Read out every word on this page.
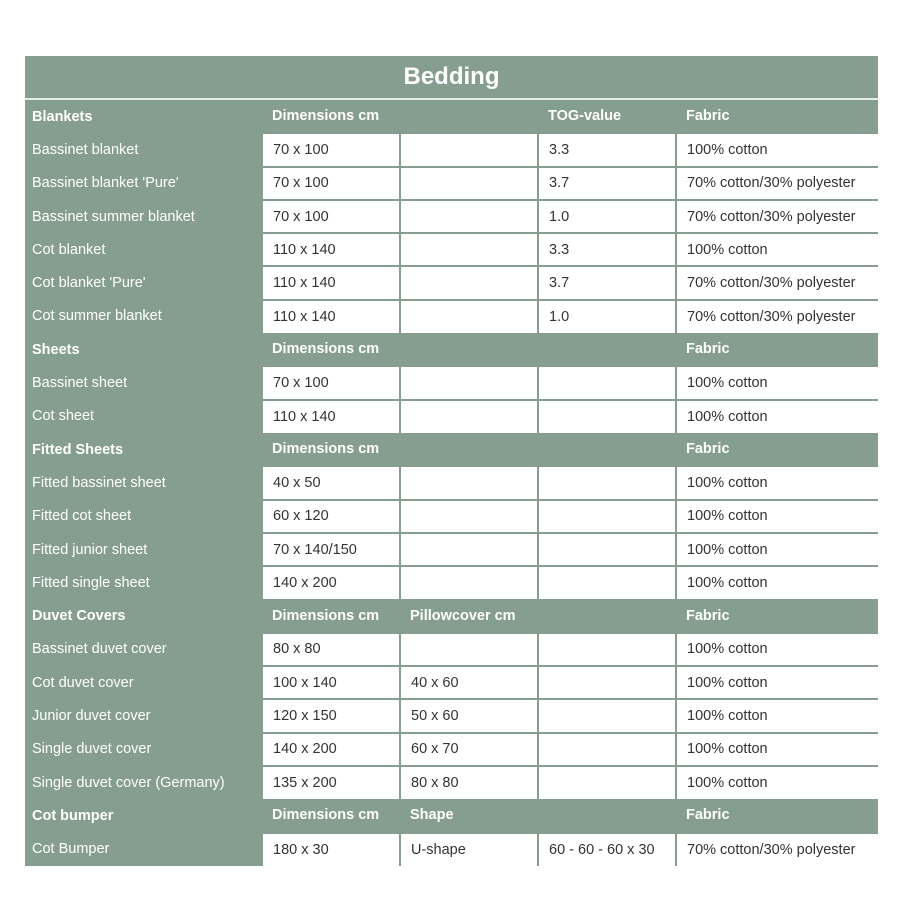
Bedding
Blankets	Dimensions cm		TOG-value	Fabric
Bassinet blanket	70 x 100		3.3	100% cotton
Bassinet blanket 'Pure'	70 x 100		3.7	70% cotton/30% polyester
Bassinet summer blanket	70 x 100		1.0	70% cotton/30% polyester
Cot blanket	110 x 140		3.3	100% cotton
Cot blanket 'Pure'	110 x 140		3.7	70% cotton/30% polyester
Cot summer blanket	110 x 140		1.0	70% cotton/30% polyester
Sheets	Dimensions cm			Fabric
Bassinet sheet	70 x 100			100% cotton
Cot sheet	110 x 140			100% cotton
Fitted Sheets	Dimensions cm			Fabric
Fitted bassinet sheet	40 x 50			100% cotton
Fitted cot sheet	60 x 120			100% cotton
Fitted junior sheet	70 x 140/150			100% cotton
Fitted single sheet	140 x 200			100% cotton
Duvet Covers	Dimensions cm	Pillowcover cm		Fabric
Bassinet duvet cover	80 x 80			100% cotton
Cot duvet cover	100 x 140	40 x 60		100% cotton
Junior duvet cover	120 x 150	50 x 60		100% cotton
Single duvet cover	140 x 200	60 x 70		100% cotton
Single duvet cover (Germany)	135 x 200	80 x 80		100% cotton
Cot bumper	Dimensions cm	Shape		Fabric
Cot Bumper	180 x 30	U-shape	60 - 60 - 60 x 30	70% cotton/30% polyester
